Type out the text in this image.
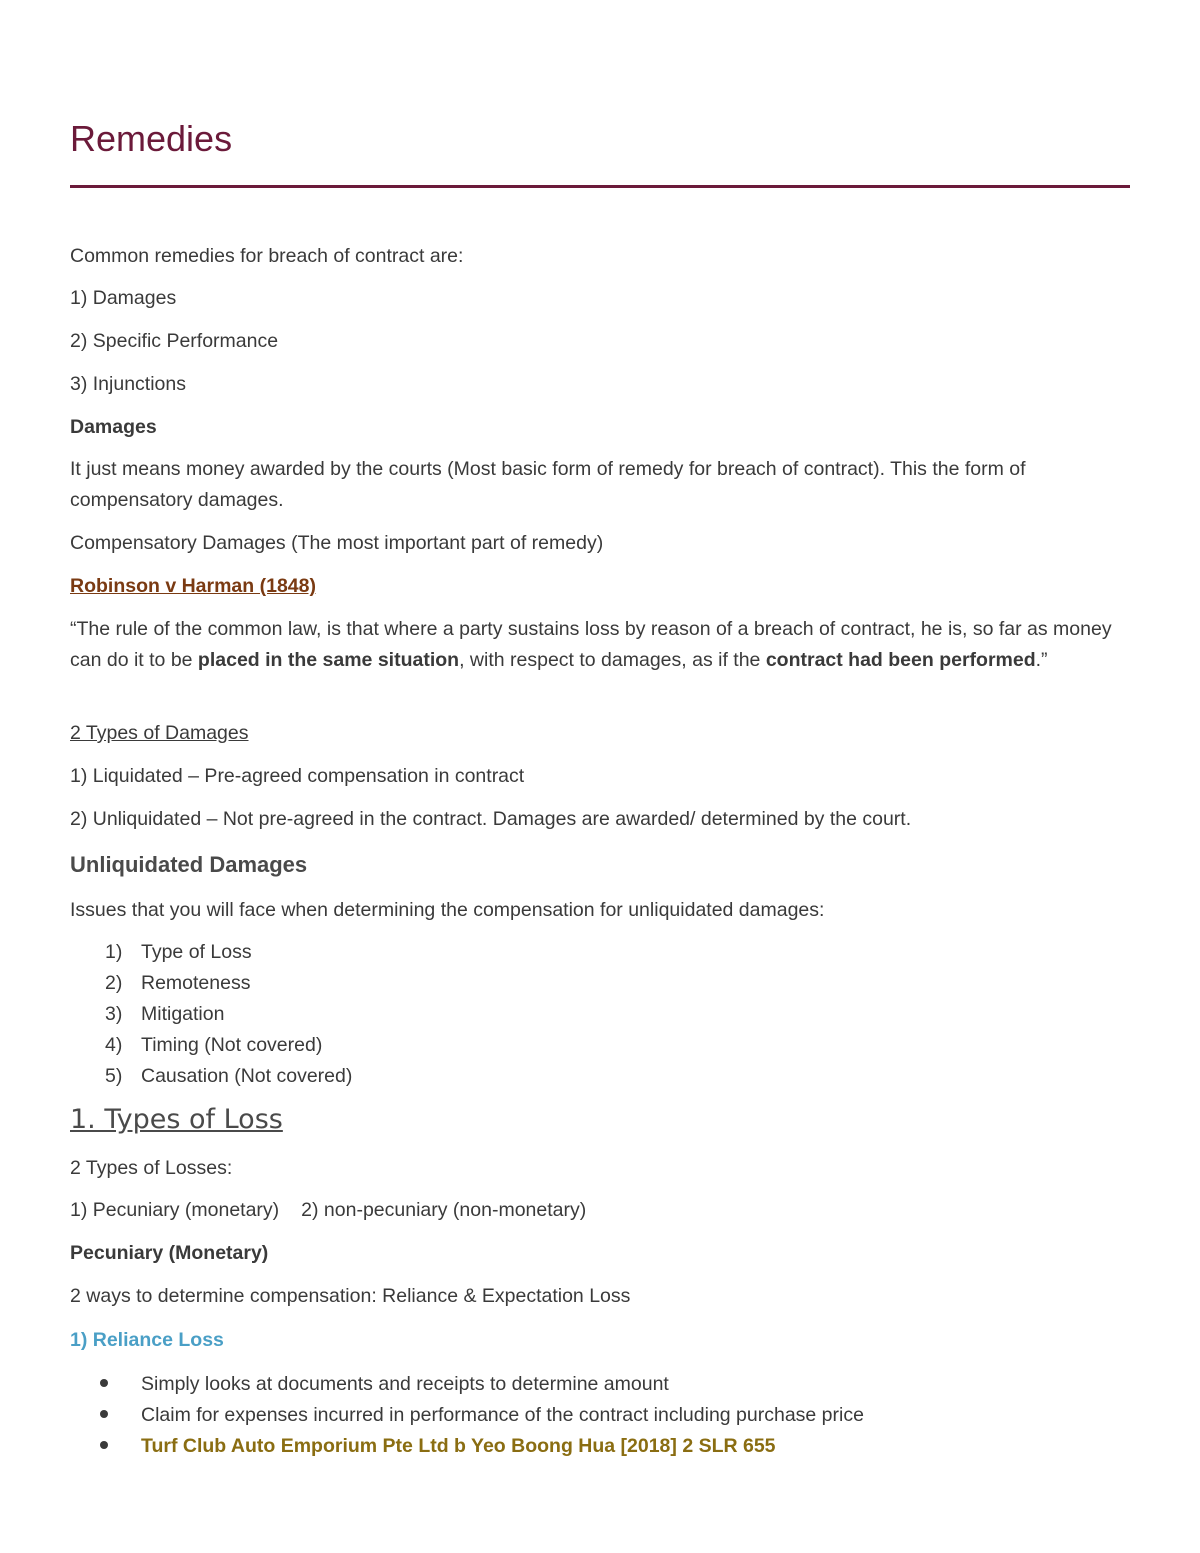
Remedies

Common remedies for breach of contract are:

1) Damages

2) Specific Performance

3) Injunctions

Damages

It just means money awarded by the courts (Most basic form of remedy for breach of contract). This the form of compensatory damages.

Compensatory Damages (The most important part of remedy)

Robinson v Harman (1848)

“The rule of the common law, is that where a party sustains loss by reason of a breach of contract, he is, so far as money can do it to be placed in the same situation, with respect to damages, as if the contract had been performed.”

2 Types of Damages

1) Liquidated – Pre-agreed compensation in contract

2) Unliquidated – Not pre-agreed in the contract. Damages are awarded/ determined by the court.

Unliquidated Damages

Issues that you will face when determining the compensation for unliquidated damages:

1) Type of Loss
2) Remoteness
3) Mitigation
4) Timing (Not covered)
5) Causation (Not covered)

1. Types of Loss

2 Types of Losses:

1) Pecuniary (monetary) 2) non-pecuniary (non-monetary)

Pecuniary (Monetary)

2 ways to determine compensation: Reliance & Expectation Loss

1) Reliance Loss

Simply looks at documents and receipts to determine amount
Claim for expenses incurred in performance of the contract including purchase price
Turf Club Auto Emporium Pte Ltd b Yeo Boong Hua [2018] 2 SLR 655
